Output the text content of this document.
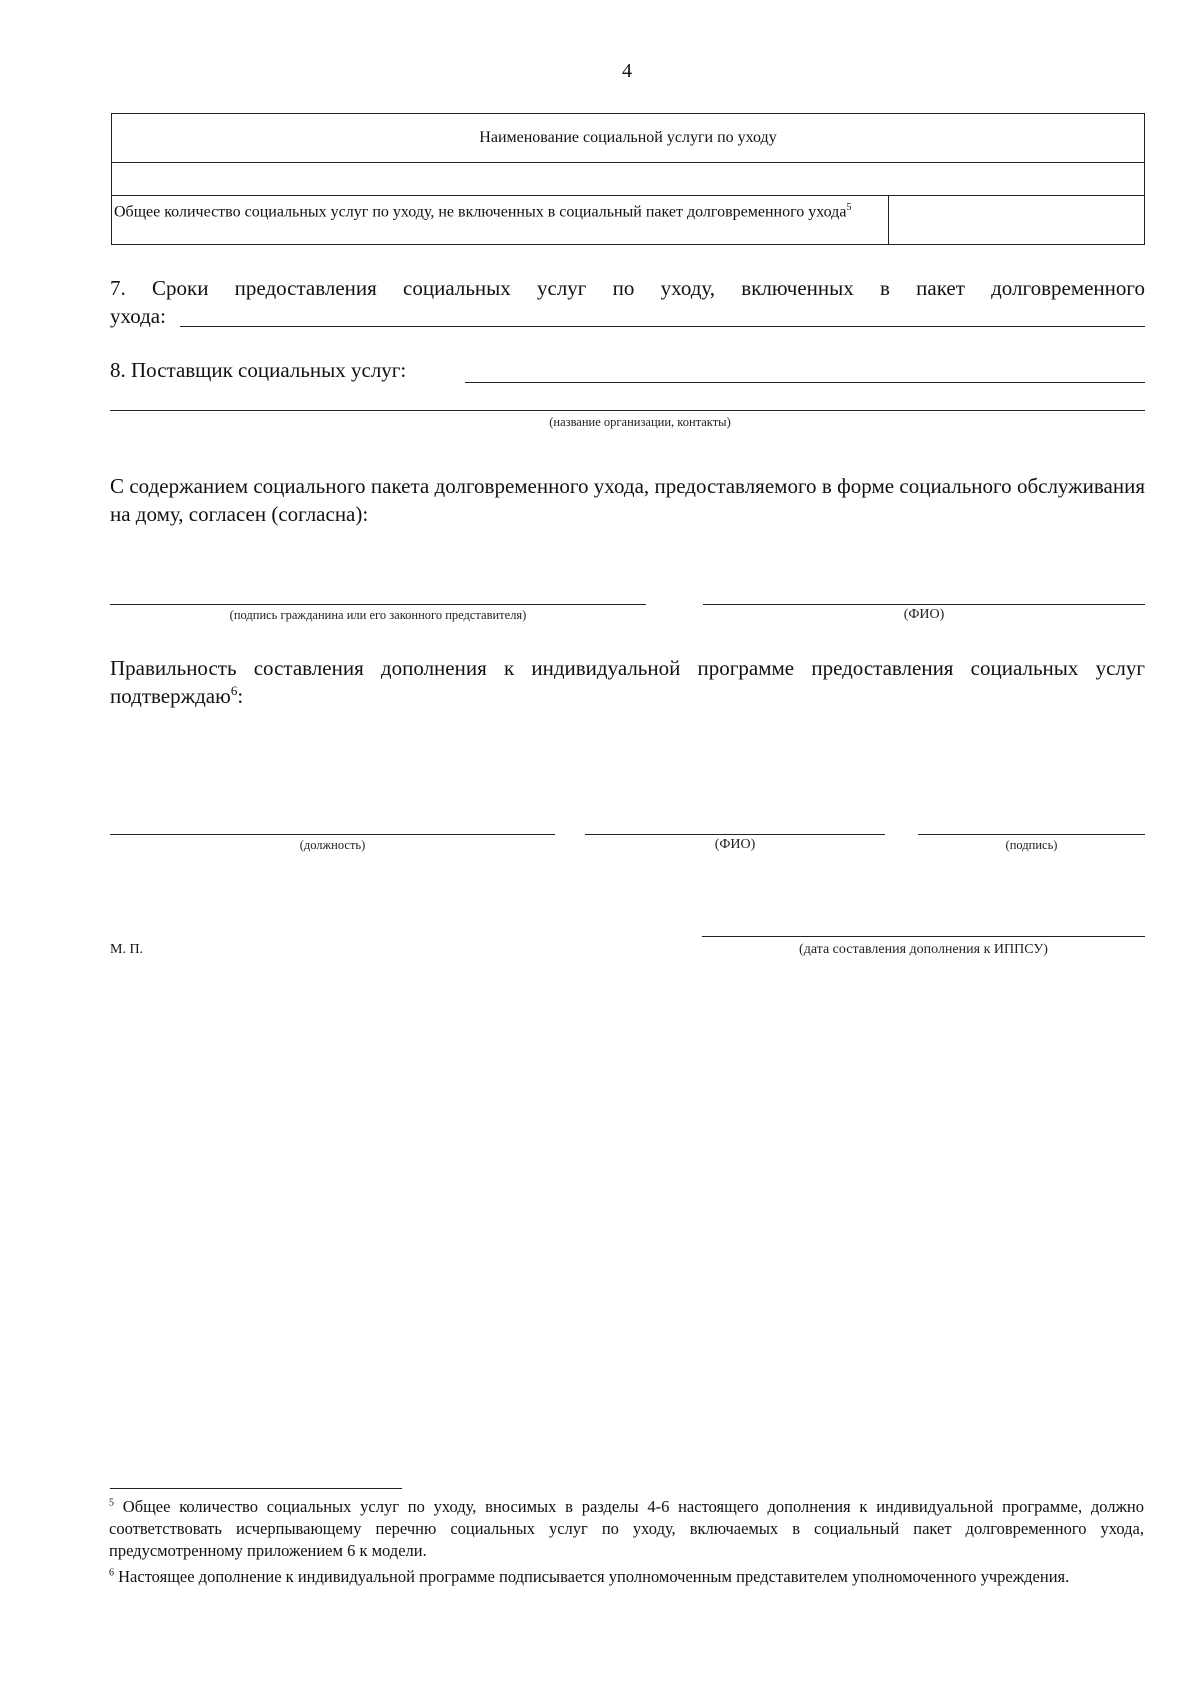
4
Наименование социальной услуги по уходу
Общее количество социальных услуг по уходу, не включенных в социальный пакет долговременного ухода$^5$
7. Сроки предоставления социальных услуг по уходу, включенных в пакет долговременного
ухода:
8. Поставщик социальных услуг:
(название организации, контакты)
С содержанием социального пакета долговременного ухода, предоставляемого в форме социального обслуживания на дому, согласен (согласна):
(подпись гражданина или его законного представителя)	(ФИО)
Правильность составления дополнения к индивидуальной программе предоставления социальных услуг подтверждаю$^6$:
(должность)	(ФИО)	(подпись)
М. П.	(дата составления дополнения к ИППСУ)
$^5$ Общее количество социальных услуг по уходу, вносимых в разделы 4-6 настоящего дополнения к индивидуальной программе, должно соответствовать исчерпывающему перечню социальных услуг по уходу, включаемых в социальный пакет долговременного ухода, предусмотренному приложением 6 к модели.
$^6$ Настоящее дополнение к индивидуальной программе подписывается уполномоченным представителем уполномоченного учреждения.
